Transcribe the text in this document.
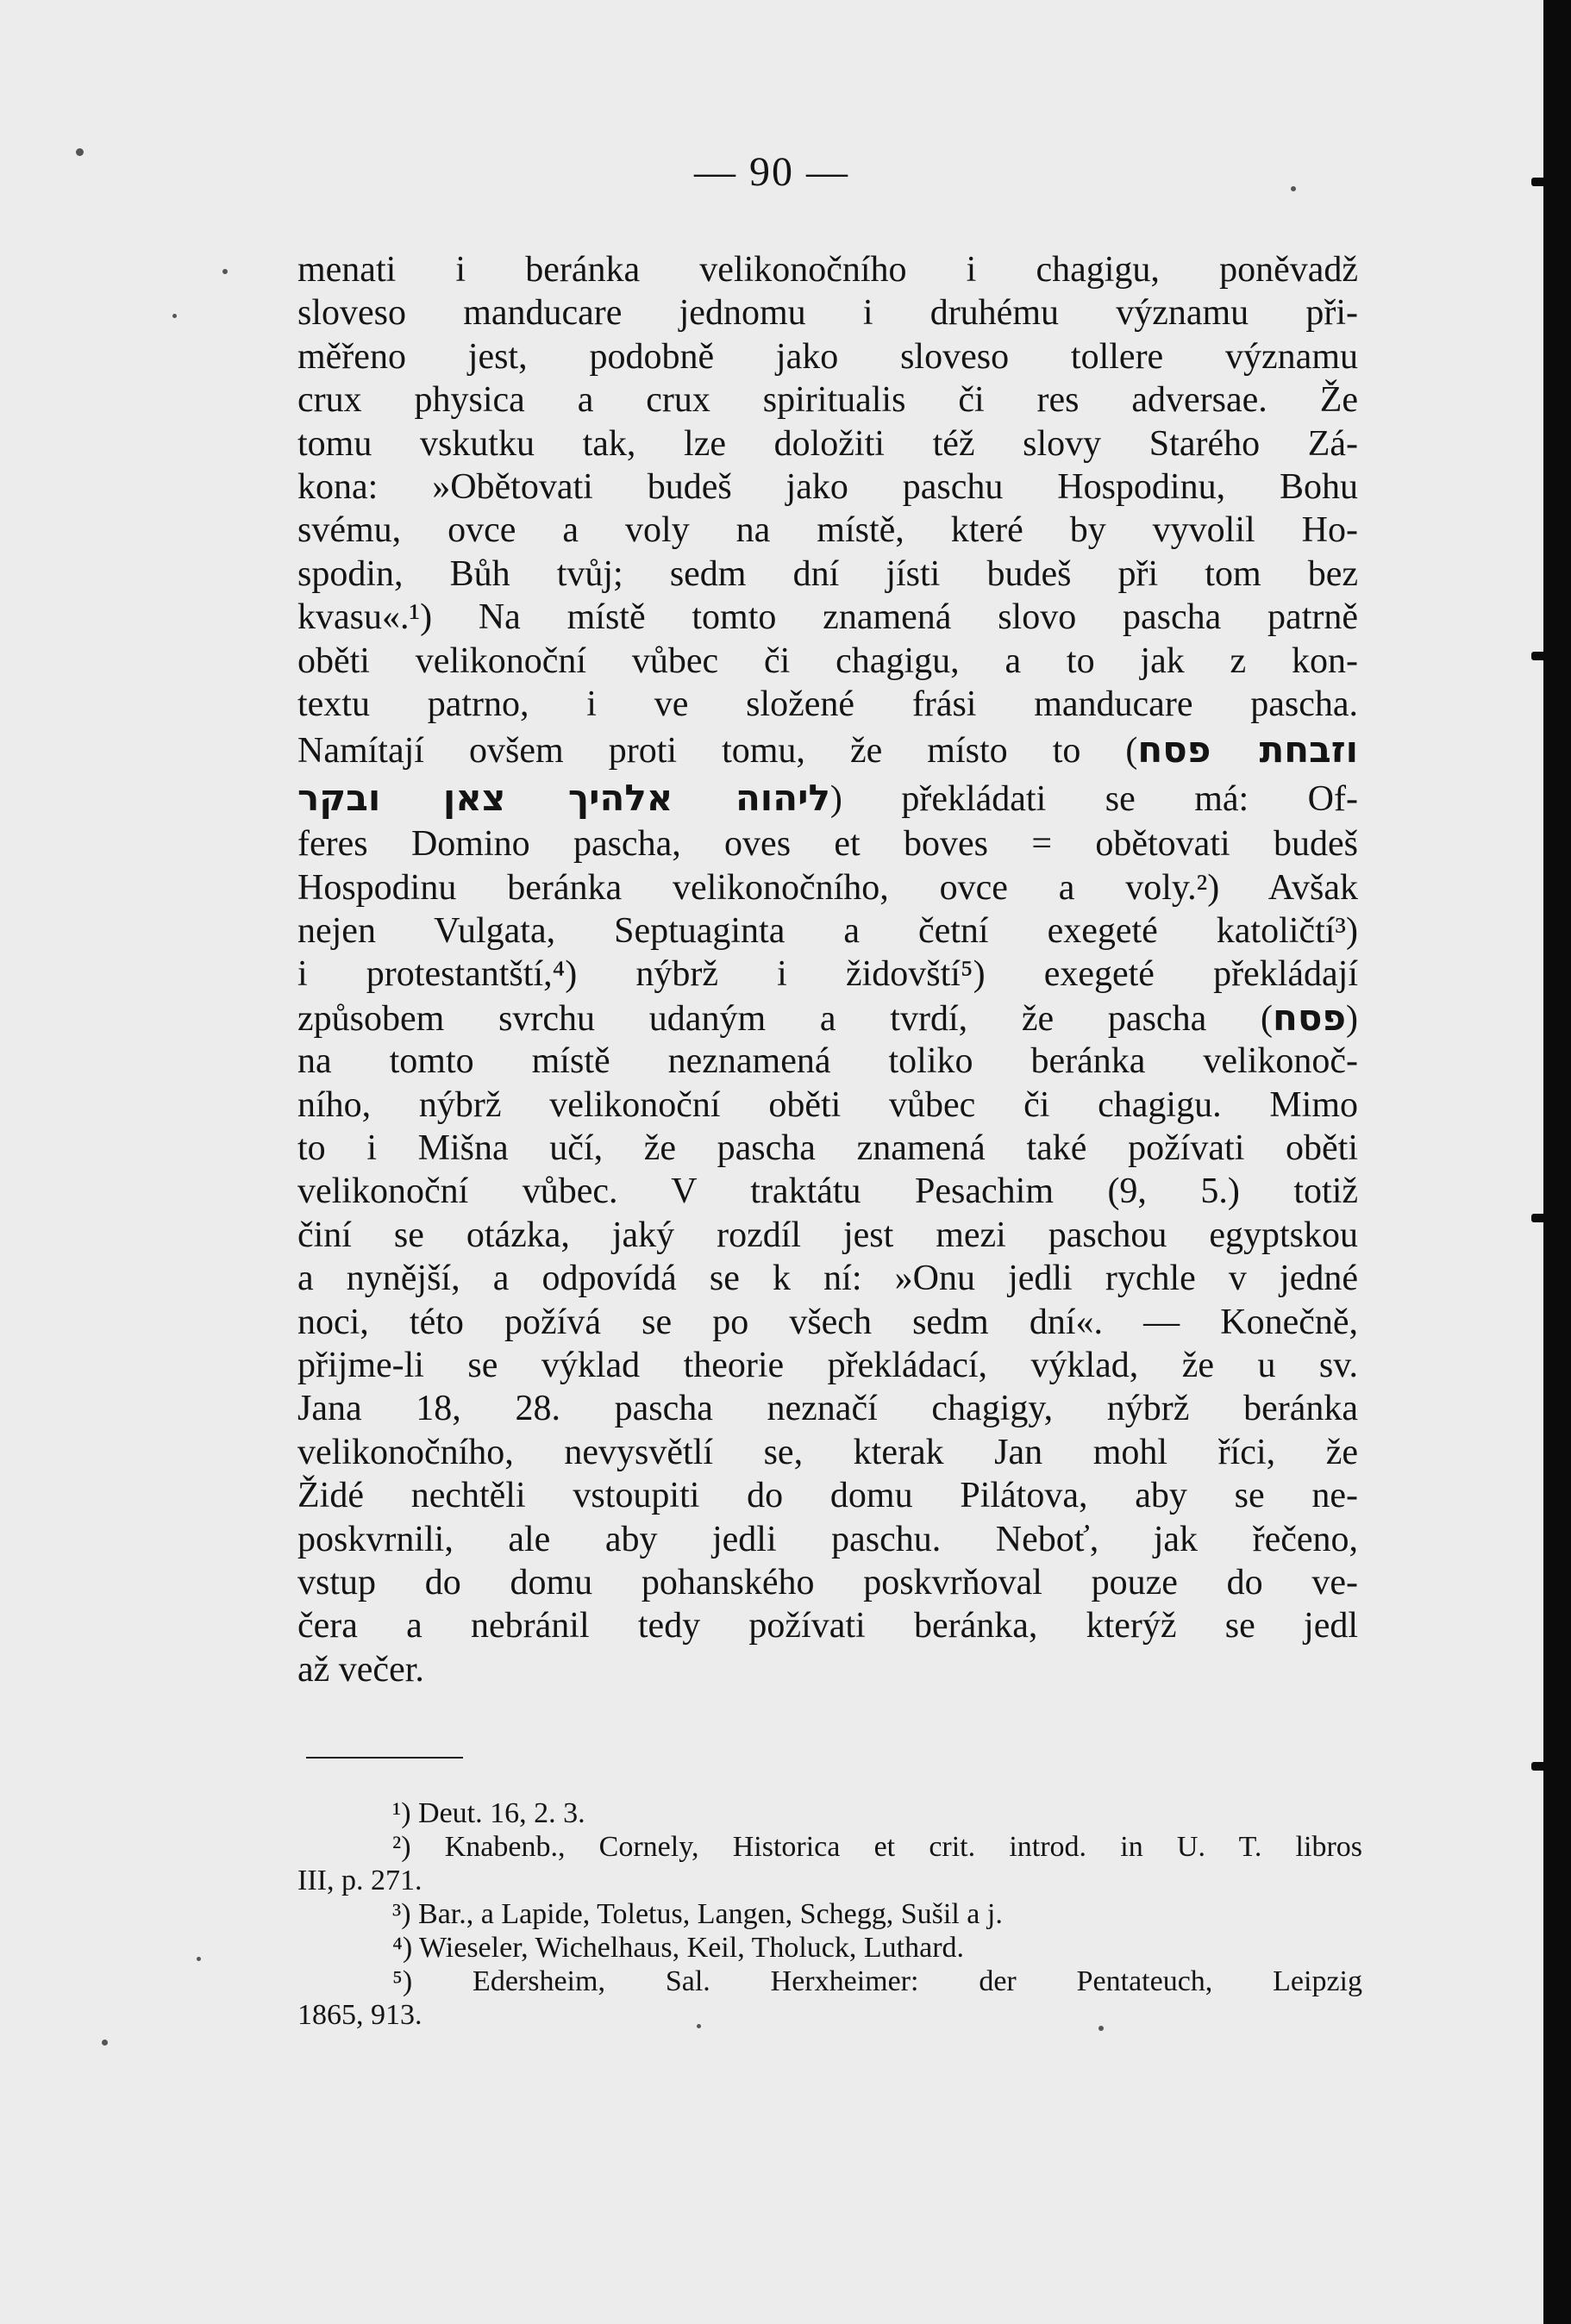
— 90 —
menati i beránka velikonočního i chagigu, poněvadž
sloveso manducare jednomu i druhému významu při-
měřeno jest, podobně jako sloveso tollere významu
crux physica a crux spiritualis či res adversae. Že
tomu vskutku tak, lze doložiti též slovy Starého Zá-
kona: »Obětovati budeš jako paschu Hospodinu, Bohu
svému, ovce a voly na místě, které by vyvolil Ho-
spodin, Bůh tvůj; sedm dní jísti budeš při tom bez
kvasu«.¹) Na místě tomto znamená slovo pascha patrně
oběti velikonoční vůbec či chagigu, a to jak z kon-
textu patrno, i ve složené frási manducare pascha.
Namítají ovšem proti tomu, že místo to (וזבחת פסח
ליהוה אלהיך צאן ובקר) překládati se má: Of-
feres Domino pascha, oves et boves = obětovati budeš
Hospodinu beránka velikonočního, ovce a voly.²) Avšak
nejen Vulgata, Septuaginta a četní exegeté katoličtí³)
i protestantští,⁴) nýbrž i židovští⁵) exegeté překládají
způsobem svrchu udaným a tvrdí, že pascha (פסח)
na tomto místě neznamená toliko beránka velikonoč-
ního, nýbrž velikonoční oběti vůbec či chagigu. Mimo
to i Mišna učí, že pascha znamená také požívati oběti
velikonoční vůbec. V traktátu Pesachim (9, 5.) totiž
činí se otázka, jaký rozdíl jest mezi paschou egyptskou
a nynější, a odpovídá se k ní: »Onu jedli rychle v jedné
noci, této požívá se po všech sedm dní«. — Konečně,
přijme-li se výklad theorie překládací, výklad, že u sv.
Jana 18, 28. pascha neznačí chagigy, nýbrž beránka
velikonočního, nevysvětlí se, kterak Jan mohl říci, že
Židé nechtěli vstoupiti do domu Pilátova, aby se ne-
poskvrnili, ale aby jedli paschu. Neboť, jak řečeno,
vstup do domu pohanského poskvrňoval pouze do ve-
čera a nebránil tedy požívati beránka, kterýž se jedl
až večer.
¹) Deut. 16, 2. 3.
²) Knabenb., Cornely, Historica et crit. introd. in U. T. libros
III, p. 271.
³) Bar., a Lapide, Toletus, Langen, Schegg, Sušil a j.
⁴) Wieseler, Wichelhaus, Keil, Tholuck, Luthard.
⁵) Edersheim, Sal. Herxheimer: der Pentateuch, Leipzig
1865, 913.
